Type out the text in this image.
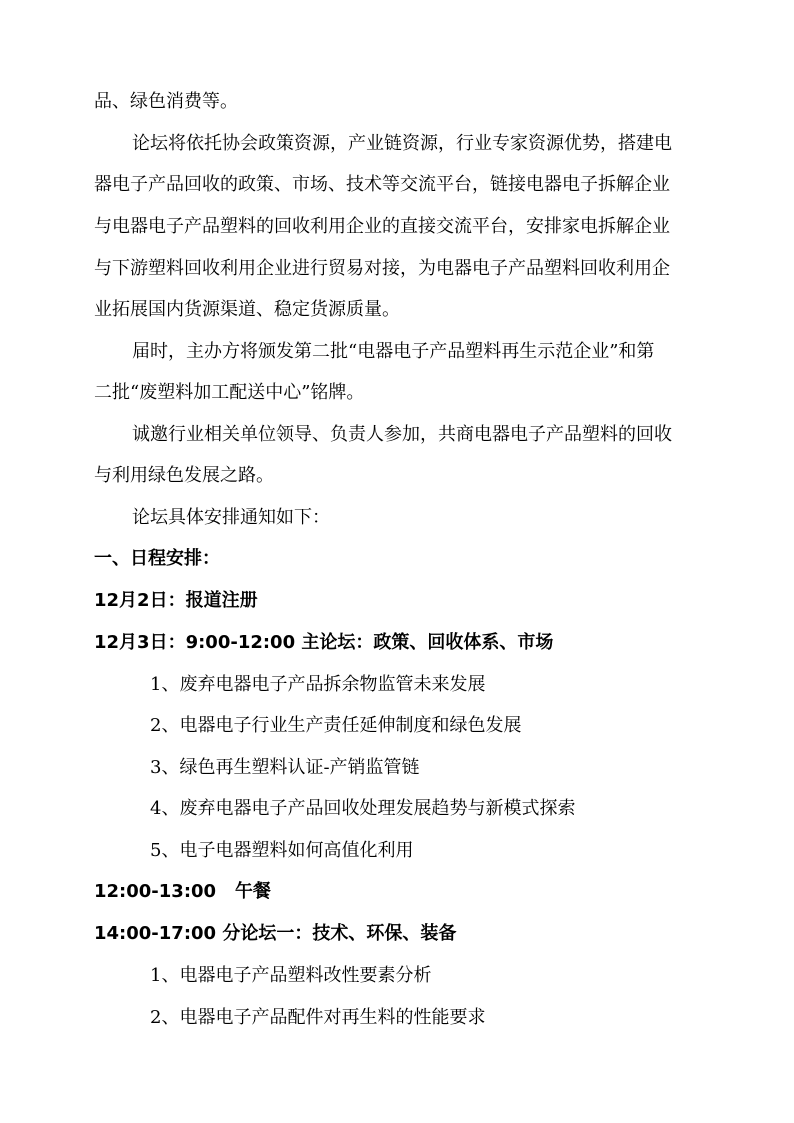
品、绿色消费等。
论坛将依托协会政策资源，产业链资源，行业专家资源优势，搭建电
器电子产品回收的政策、市场、技术等交流平台，链接电器电子拆解企业
与电器电子产品塑料的回收利用企业的直接交流平台，安排家电拆解企业
与下游塑料回收利用企业进行贸易对接，为电器电子产品塑料回收利用企
业拓展国内货源渠道、稳定货源质量。
届时，主办方将颁发第二批“电器电子产品塑料再生示范企业”和第
二批“废塑料加工配送中心”铭牌。
诚邀行业相关单位领导、负责人参加，共商电器电子产品塑料的回收
与利用绿色发展之路。
论坛具体安排通知如下：
一、日程安排：
12月2日：报道注册
12月3日：9:00-12:00 主论坛：政策、回收体系、市场
1、废弃电器电子产品拆余物监管未来发展
2、电器电子行业生产责任延伸制度和绿色发展
3、绿色再生塑料认证-产销监管链
4、废弃电器电子产品回收处理发展趋势与新模式探索
5、电子电器塑料如何高值化利用
12:00-13:00   午餐
14:00-17:00 分论坛一：技术、环保、装备
1、电器电子产品塑料改性要素分析
2、电器电子产品配件对再生料的性能要求
